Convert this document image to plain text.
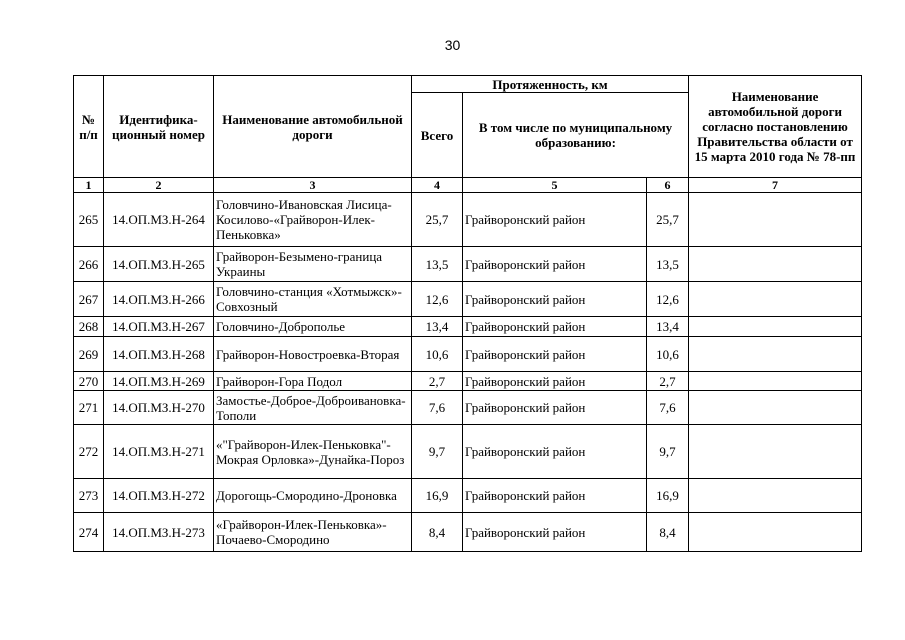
30
№ п/п	Идентифика-ционный номер	Наименование автомобильной дороги	Протяженность, км			Наименование автомобильной дороги согласно постановлению Правительства области от 15 марта 2010 года № 78-пп
			Всего	В том числе по муниципальному образованию:		
1	2	3	4	5	6	7
265	14.ОП.МЗ.Н-264	Головчино-Ивановская Лисица-Косилово-«Грайворон-Илек-Пеньковка»	25,7	Грайворонский район	25,7	
266	14.ОП.МЗ.Н-265	Грайворон-Безымено-граница Украины	13,5	Грайворонский район	13,5	
267	14.ОП.МЗ.Н-266	Головчино-станция «Хотмыжск»-Совхозный	12,6	Грайворонский район	12,6	
268	14.ОП.МЗ.Н-267	Головчино-Доброполье	13,4	Грайворонский район	13,4	
269	14.ОП.МЗ.Н-268	Грайворон-Новостроевка-Вторая	10,6	Грайворонский район	10,6	
270	14.ОП.МЗ.Н-269	Грайворон-Гора Подол	2,7	Грайворонский район	2,7	
271	14.ОП.МЗ.Н-270	Замостье-Доброе-Доброивановка-Тополи	7,6	Грайворонский район	7,6	
272	14.ОП.МЗ.Н-271	«"Грайворон-Илек-Пеньковка"-Мокрая Орловка»-Дунайка-Пороз	9,7	Грайворонский район	9,7	
273	14.ОП.МЗ.Н-272	Дорогощь-Смородино-Дроновка	16,9	Грайворонский район	16,9	
274	14.ОП.МЗ.Н-273	«Грайворон-Илек-Пеньковка»-Почаево-Смородино	8,4	Грайворонский район	8,4	
